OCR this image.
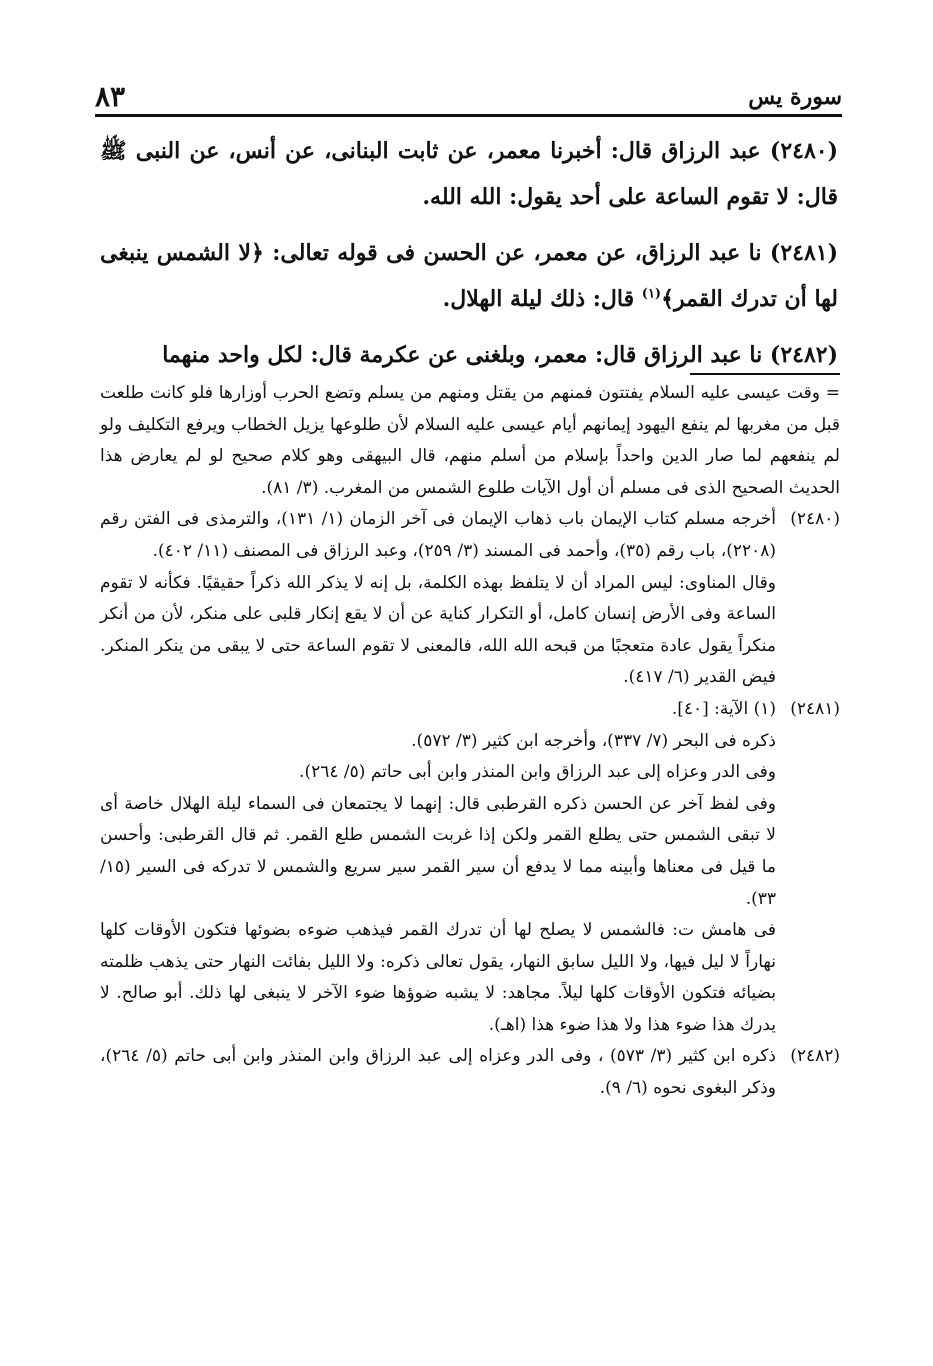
٨٣	سورة يس

(٢٤٨٠) عبد الرزاق قال: أخبرنا معمر، عن ثابت البنانى، عن أنس، عن النبى ﷺ قال: لا تقوم الساعة على أحد يقول: الله الله.

(٢٤٨١) نا عبد الرزاق، عن معمر، عن الحسن فى قوله تعالى: ﴿لا الشمس ينبغى لها أن تدرك القمر﴾$^{(١)}$ قال: ذلك ليلة الهلال.

(٢٤٨٢) نا عبد الرزاق قال: معمر، وبلغنى عن عكرمة قال: لكل واحد منهما

= وقت عيسى عليه السلام يفتتون فمنهم من يقتل ومنهم من يسلم وتضع الحرب أوزارها فلو كانت طلعت قبل من مغربها لم ينفع اليهود إيمانهم أيام عيسى عليه السلام لأن طلوعها يزيل الخطاب ويرفع التكليف ولو لم ينفعهم لما صار الدين واحداً بإسلام من أسلم منهم، قال البيهقى وهو كلام صحيح لو لم يعارض هذا الحديث الصحيح الذى فى مسلم أن أول الآيات طلوع الشمس من المغرب. (٣/ ٨١).

(٢٤٨٠)

أخرجه مسلم كتاب الإيمان باب ذهاب الإيمان فى آخر الزمان (١/ ١٣١)، والترمذى فى الفتن رقم (٢٢٠٨)، باب رقم (٣٥)، وأحمد فى المسند (٣/ ٢٥٩)، وعبد الرزاق فى المصنف (١١/ ٤٠٢).

وقال المناوى: ليس المراد أن لا يتلفظ بهذه الكلمة، بل إنه لا يذكر الله ذكراً حقيقيًا. فكأنه لا تقوم الساعة وفى الأرض إنسان كامل، أو التكرار كناية عن أن لا يقع إنكار قلبى على منكر، لأن من أنكر منكراً يقول عادة متعجبًا من قبحه الله الله، فالمعنى لا تقوم الساعة حتى لا يبقى من ينكر المنكر. فيض القدير (٦/ ٤١٧).

(٢٤٨١)

(١) الآية: [٤٠].

ذكره فى البحر (٧/ ٣٣٧)، وأخرجه ابن كثير (٣/ ٥٧٢).

وفى الدر وعزاه إلى عبد الرزاق وابن المنذر وابن أبى حاتم (٥/ ٢٦٤).

وفى لفظ آخر عن الحسن ذكره القرطبى قال: إنهما لا يجتمعان فى السماء ليلة الهلال خاصة أى لا تبقى الشمس حتى يطلع القمر ولكن إذا غربت الشمس طلع القمر. ثم قال القرطبى: وأحسن ما قيل فى معناها وأبينه مما لا يدفع أن سير القمر سير سريع والشمس لا تدركه فى السير (١٥/ ٣٣).

فى هامش ت: فالشمس لا يصلح لها أن تدرك القمر فيذهب ضوءه بضوئها فتكون الأوقات كلها نهاراً لا ليل فيها، ولا الليل سابق النهار، يقول تعالى ذكره: ولا الليل بفائت النهار حتى يذهب ظلمته بضيائه فتكون الأوقات كلها ليلاً. مجاهد: لا يشبه ضوؤها ضوء الآخر لا ينبغى لها ذلك. أبو صالح. لا يدرك هذا ضوء هذا ولا هذا ضوء هذا (اهـ).

(٢٤٨٢)

ذكره ابن كثير (٣/ ٥٧٣) ، وفى الدر وعزاه إلى عبد الرزاق وابن المنذر وابن أبى حاتم (٥/ ٢٦٤)، وذكر البغوى نحوه (٦/ ٩).
